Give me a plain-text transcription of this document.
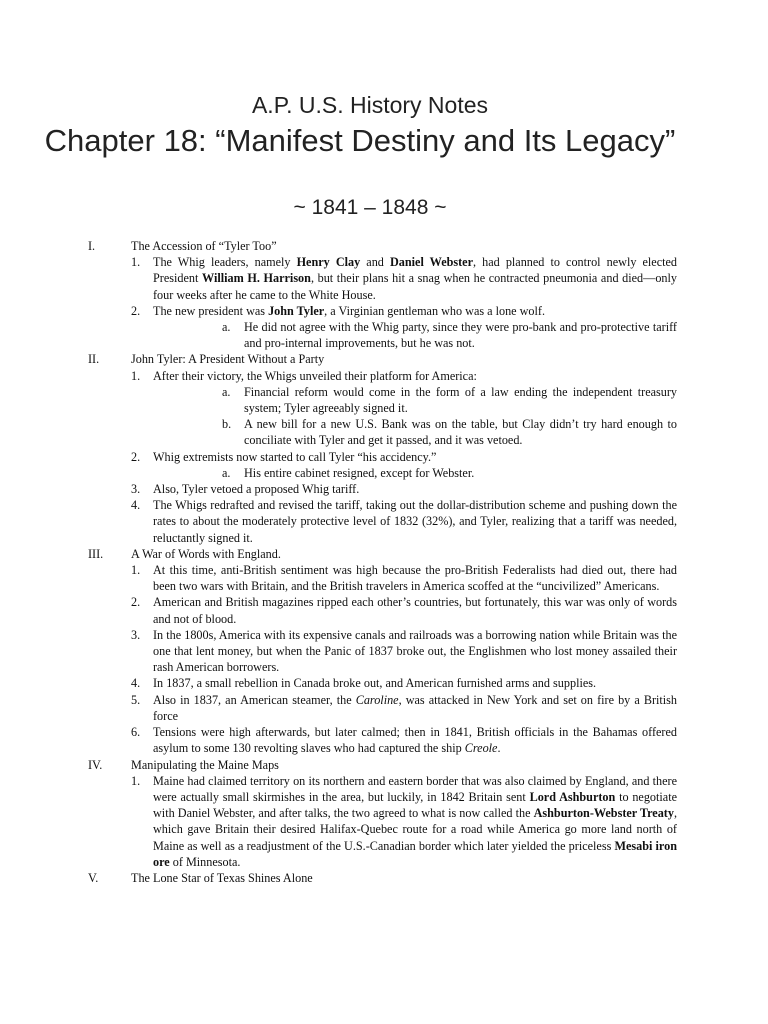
A.P. U.S. History Notes
Chapter 18: “Manifest Destiny and Its Legacy”
~ 1841 – 1848 ~
I.	The Accession of “Tyler Too”
1. The Whig leaders, namely Henry Clay and Daniel Webster, had planned to control newly elected President William H. Harrison, but their plans hit a snag when he contracted pneumonia and died—only four weeks after he came to the White House.
2. The new president was John Tyler, a Virginian gentleman who was a lone wolf.
a. He did not agree with the Whig party, since they were pro-bank and pro-protective tariff and pro-internal improvements, but he was not.
II.	John Tyler: A President Without a Party
1. After their victory, the Whigs unveiled their platform for America:
a. Financial reform would come in the form of a law ending the independent treasury system; Tyler agreeably signed it.
b. A new bill for a new U.S. Bank was on the table, but Clay didn’t try hard enough to conciliate with Tyler and get it passed, and it was vetoed.
2. Whig extremists now started to call Tyler “his accidency.”
a. His entire cabinet resigned, except for Webster.
3. Also, Tyler vetoed a proposed Whig tariff.
4. The Whigs redrafted and revised the tariff, taking out the dollar-distribution scheme and pushing down the rates to about the moderately protective level of 1832 (32%), and Tyler, realizing that a tariff was needed, reluctantly signed it.
III. A War of Words with England.
1. At this time, anti-British sentiment was high because the pro-British Federalists had died out, there had been two wars with Britain, and the British travelers in America scoffed at the “uncivilized” Americans.
2. American and British magazines ripped each other’s countries, but fortunately, this war was only of words and not of blood.
3. In the 1800s, America with its expensive canals and railroads was a borrowing nation while Britain was the one that lent money, but when the Panic of 1837 broke out, the Englishmen who lost money assailed their rash American borrowers.
4. In 1837, a small rebellion in Canada broke out, and American furnished arms and supplies.
5. Also in 1837, an American steamer, the Caroline, was attacked in New York and set on fire by a British force
6. Tensions were high afterwards, but later calmed; then in 1841, British officials in the Bahamas offered asylum to some 130 revolting slaves who had captured the ship Creole.
IV. Manipulating the Maine Maps
1. Maine had claimed territory on its northern and eastern border that was also claimed by England, and there were actually small skirmishes in the area, but luckily, in 1842 Britain sent Lord Ashburton to negotiate with Daniel Webster, and after talks, the two agreed to what is now called the Ashburton-Webster Treaty, which gave Britain their desired Halifax-Quebec route for a road while America go more land north of Maine as well as a readjustment of the U.S.-Canadian border which later yielded the priceless Mesabi iron ore of Minnesota.
V.	The Lone Star of Texas Shines Alone
